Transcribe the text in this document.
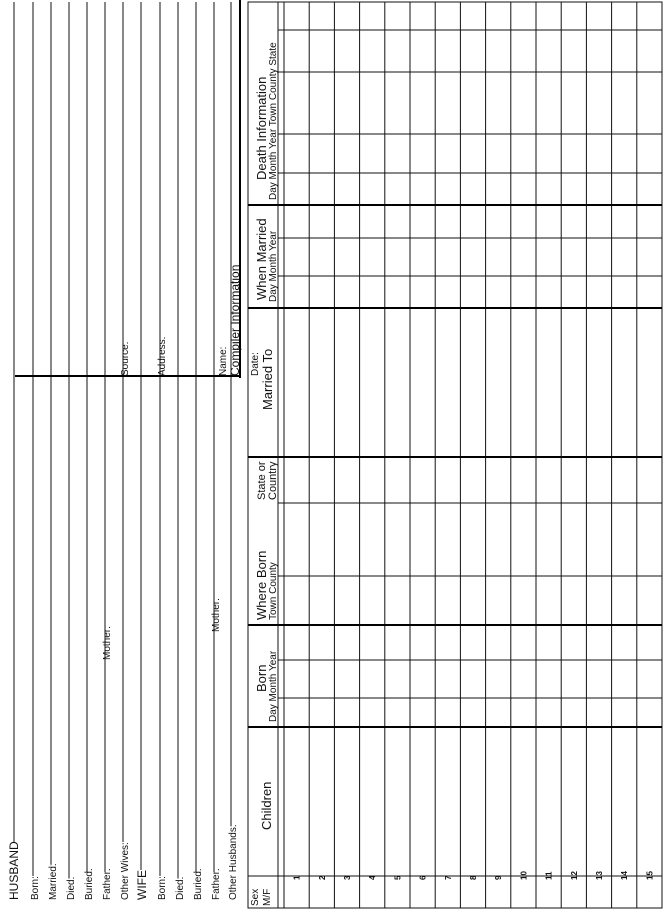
HUSBAND Born: Married: Died: Buried: Father:
Mother:
Other Wives: WIFE Born: Died: Buried: Father:
Mother:
Other Husbands:
Date:
Compiler Information
Name:
Address:
Source:
Sex M/F
Children
Born Day Month Year
Where Born Town County
State or Country
Married To
When Married Day Month Year
Death Information Day Month Year Town County State
1 2 3 4 5 6 7 8 9 10 11 12 13 14 15
